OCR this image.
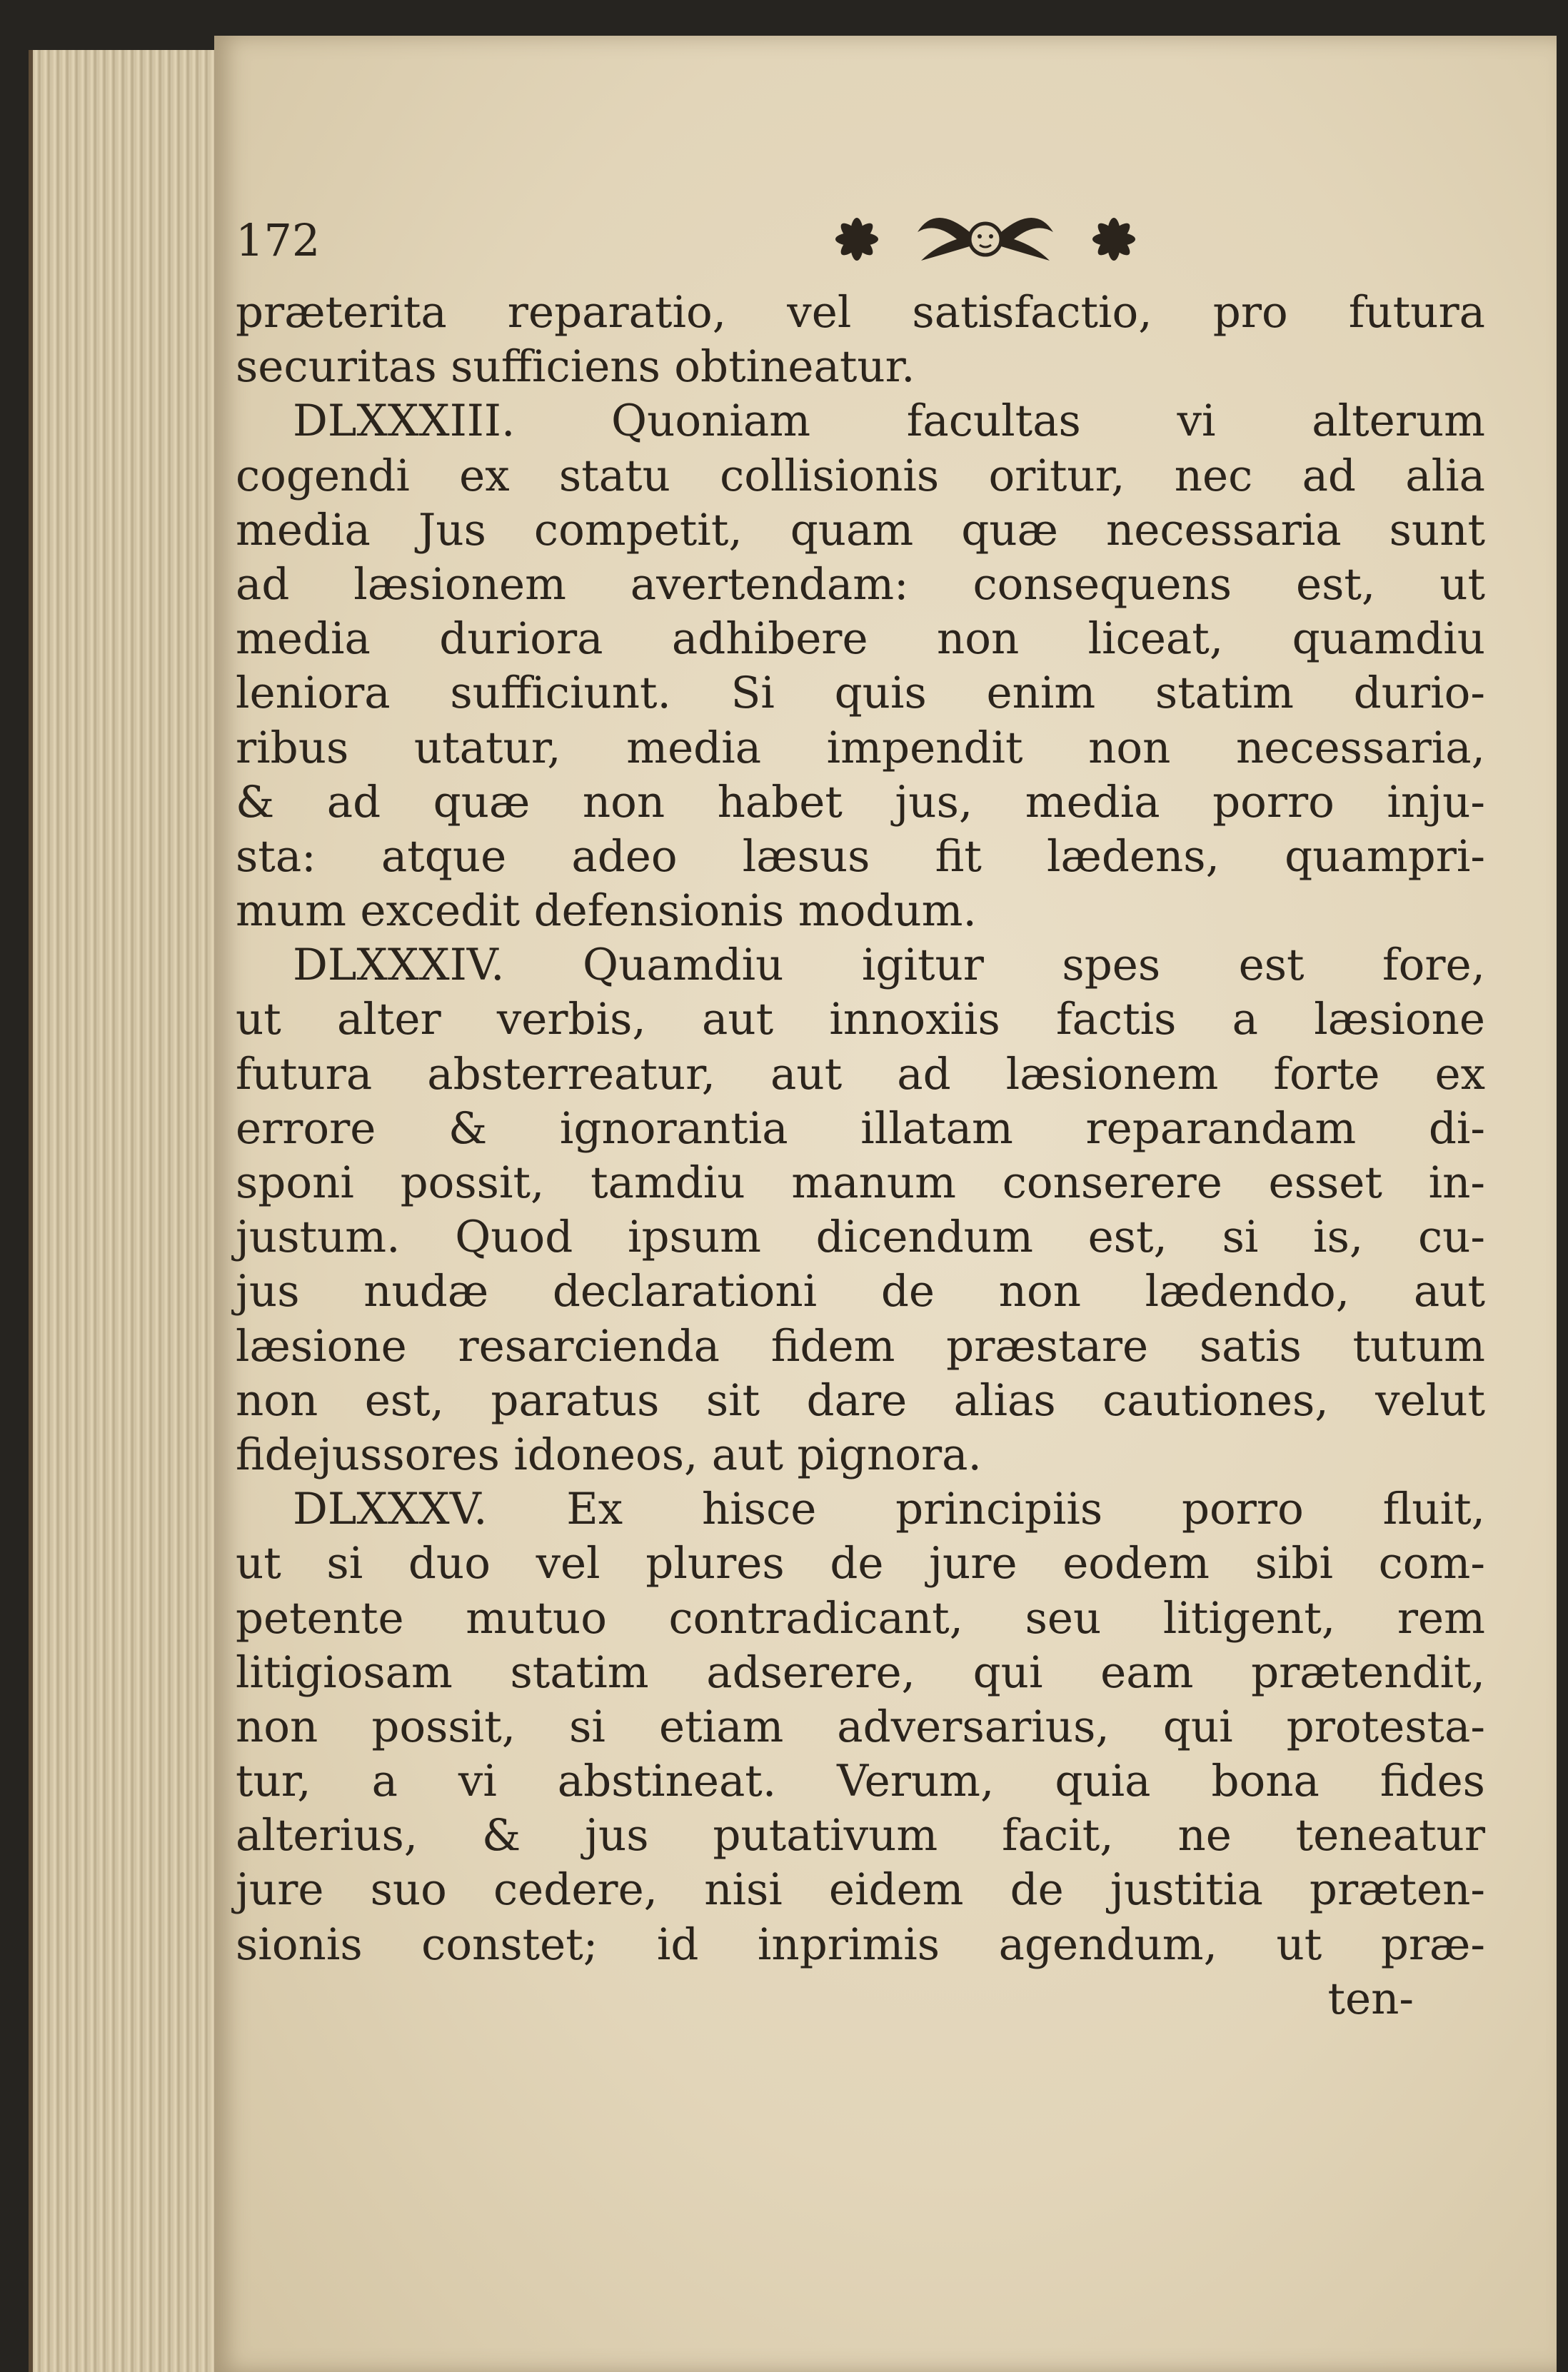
172
præterita reparatio, vel satisfactio, pro futura
securitas sufficiens obtineatur.
DLXXXIII. Quoniam facultas vi alterum
cogendi ex statu collisionis oritur, nec ad alia
media Jus competit, quam quæ necessaria sunt
ad læsionem avertendam: consequens est, ut
media duriora adhibere non liceat, quamdiu
leniora sufficiunt. Si quis enim statim durio-
ribus utatur, media impendit non necessaria,
& ad quæ non habet jus, media porro inju-
sta: atque adeo læsus fit lædens, quampri-
mum excedit defensionis modum.
DLXXXIV. Quamdiu igitur spes est fore,
ut alter verbis, aut innoxiis factis a læsione
futura absterreatur, aut ad læsionem forte ex
errore & ignorantia illatam reparandam di-
sponi possit, tamdiu manum conserere esset in-
justum. Quod ipsum dicendum est, si is, cu-
jus nudæ declarationi de non lædendo, aut
læsione resarcienda fidem præstare satis tutum
non est, paratus sit dare alias cautiones, velut
fidejussores idoneos, aut pignora.
DLXXXV. Ex hisce principiis porro fluit,
ut si duo vel plures de jure eodem sibi com-
petente mutuo contradicant, seu litigent, rem
litigiosam statim adserere, qui eam prætendit,
non possit, si etiam adversarius, qui protesta-
tur, a vi abstineat. Verum, quia bona fides
alterius, & jus putativum facit, ne teneatur
jure suo cedere, nisi eidem de justitia præten-
sionis constet; id inprimis agendum, ut præ-
ten-
